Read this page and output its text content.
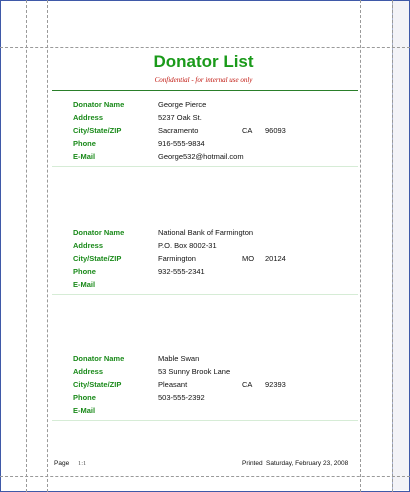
Donator List
Confidential - for internal use only
Donator Name	George Pierce
Address	5237 Oak St.
City/State/ZIP	Sacramento	CA 96093
Phone	916-555-9834
E-Mail	George532@hotmail.com
Donator Name	National Bank of Farmington
Address	P.O. Box 8002-31
City/State/ZIP	Farmington	MO 20124
Phone	932-555-2341
E-Mail
Donator Name	Mable Swan
Address	53 Sunny Brook Lane
City/State/ZIP	Pleasant	CA 92393
Phone	503-555-2392
E-Mail
Page 1:1	Printed Saturday, February 23, 2008
